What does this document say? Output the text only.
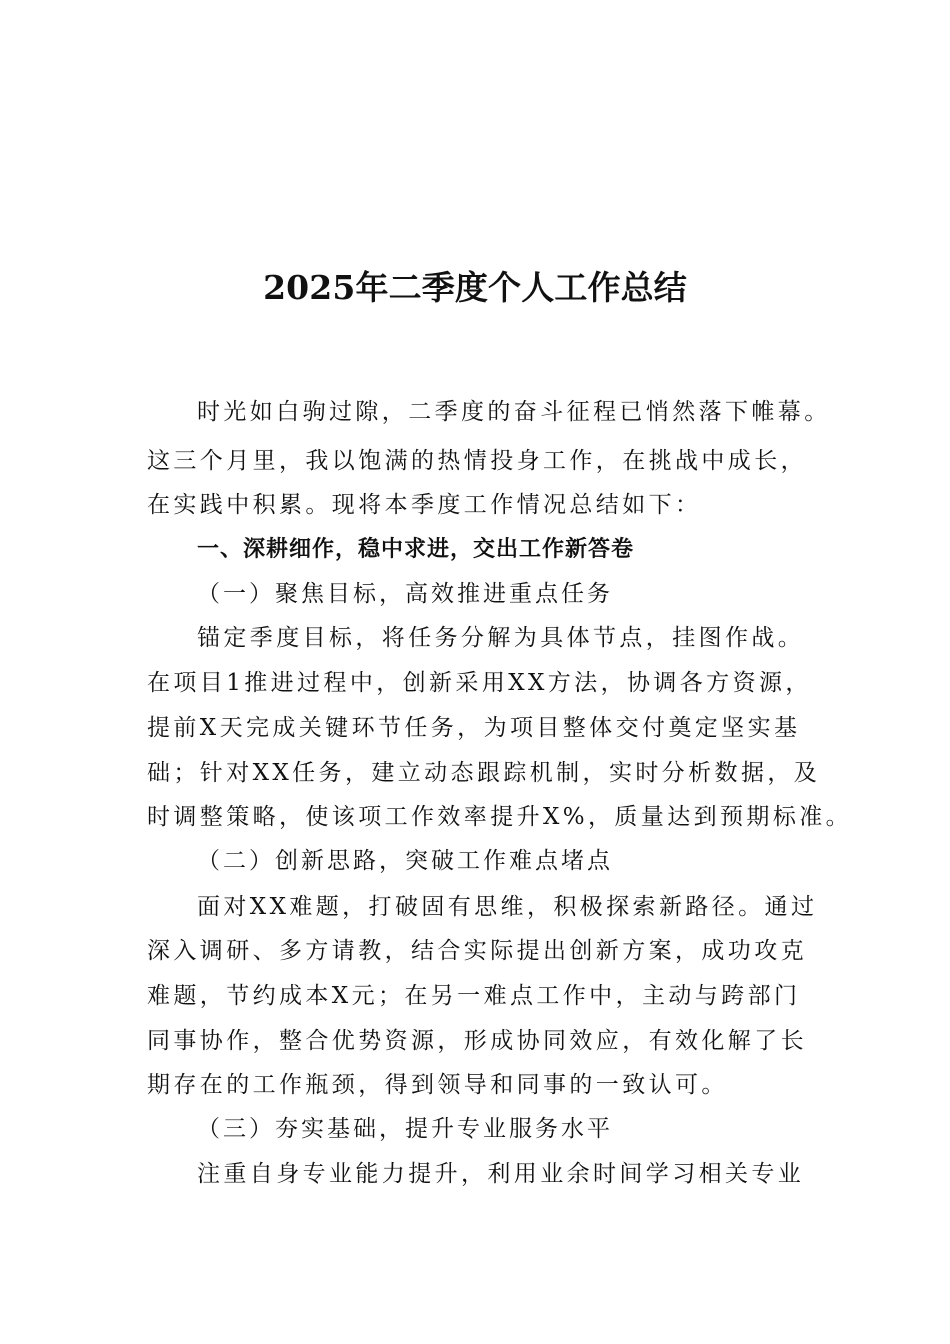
2025年二季度个人工作总结
时光如白驹过隙，二季度的奋斗征程已悄然落下帷幕。
这三个月里，我以饱满的热情投身工作，在挑战中成长，
在实践中积累。现将本季度工作情况总结如下：
一、深耕细作，稳中求进，交出工作新答卷
（一）聚焦目标，高效推进重点任务
锚定季度目标，将任务分解为具体节点，挂图作战。
在项目1推进过程中，创新采用XX方法，协调各方资源，
提前X天完成关键环节任务，为项目整体交付奠定坚实基
础；针对XX任务，建立动态跟踪机制，实时分析数据，及
时调整策略，使该项工作效率提升X%，质量达到预期标准。
（二）创新思路，突破工作难点堵点
面对XX难题，打破固有思维，积极探索新路径。通过
深入调研、多方请教，结合实际提出创新方案，成功攻克
难题，节约成本X元；在另一难点工作中，主动与跨部门
同事协作，整合优势资源，形成协同效应，有效化解了长
期存在的工作瓶颈，得到领导和同事的一致认可。
（三）夯实基础，提升专业服务水平
注重自身专业能力提升，利用业余时间学习相关专业
